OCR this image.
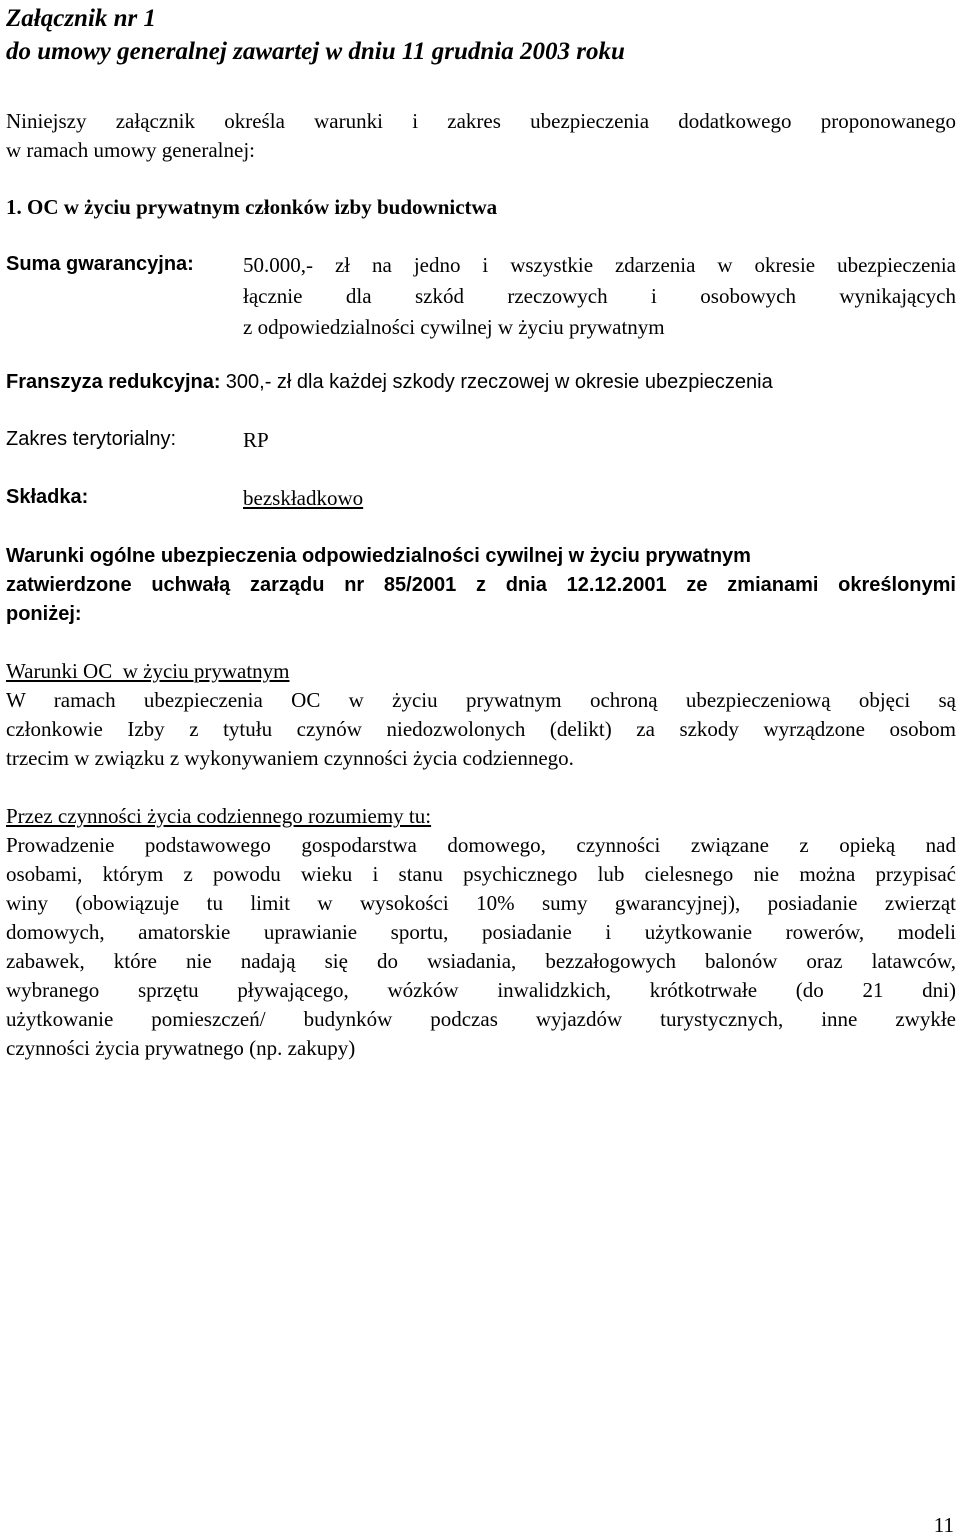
Załącznik nr 1
do umowy generalnej zawartej w dniu 11 grudnia 2003 roku
Niniejszy załącznik określa warunki i zakres ubezpieczenia dodatkowego proponowanego
w ramach umowy generalnej:
1. OC w życiu prywatnym członków izby budownictwa
Suma gwarancyjna: 50.000,- zł na jedno i wszystkie zdarzenia w okresie ubezpieczenia
łącznie dla szkód rzeczowych i osobowych wynikających
z odpowiedzialności cywilnej w życiu prywatnym
Franszyza redukcyjna: 300,- zł dla każdej szkody rzeczowej w okresie ubezpieczenia
Zakres terytorialny:	RP
Składka:	bezskładkowo
Warunki ogólne ubezpieczenia odpowiedzialności cywilnej w życiu prywatnym
zatwierdzone uchwałą zarządu nr 85/2001 z dnia 12.12.2001 ze zmianami określonymi
poniżej:
Warunki OC  w życiu prywatnym
W ramach ubezpieczenia OC w życiu prywatnym ochroną ubezpieczeniową objęci są
członkowie Izby z tytułu czynów niedozwolonych (delikt) za szkody wyrządzone osobom
trzecim w związku z wykonywaniem czynności życia codziennego.
Przez czynności życia codziennego rozumiemy tu:
Prowadzenie podstawowego gospodarstwa domowego, czynności związane z opieką nad
osobami, którym z powodu wieku i stanu psychicznego lub cielesnego nie można przypisać
winy (obowiązuje tu limit w wysokości 10% sumy gwarancyjnej), posiadanie zwierząt
domowych, amatorskie uprawianie sportu, posiadanie i użytkowanie rowerów, modeli
zabawek, które nie nadają się do wsiadania, bezzałogowych balonów oraz latawców,
wybranego sprzętu pływającego, wózków inwalidzkich, krótkotrwałe (do 21 dni)
użytkowanie pomieszczeń/ budynków podczas wyjazdów turystycznych, inne zwykłe
czynności życia prywatnego (np. zakupy)
11
